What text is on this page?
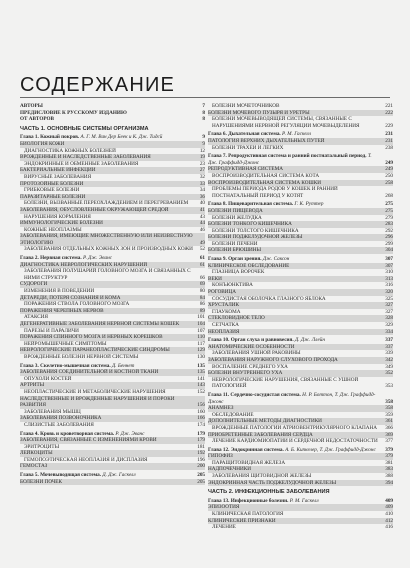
СОДЕРЖАНИЕ
АВТОРЫ	7
ПРЕДИСЛОВИЕ К РУССКОМУ ИЗДАНИЮ	8
ОТ АВТОРОВ	8
ЧАСТЬ 1. ОСНОВНЫЕ СИСТЕМЫ ОРГАНИЗМА
Глава 1. Кожный покров. А. Г. М. Ван Дер Беек и К. Дж. Тидсй	9
БИОЛОГИЯ КОЖИ	9
ДИАГНОСТИКА КОЖНЫХ БОЛЕЗНЕЙ	12
ВРОЖДЕННЫЕ И НАСЛЕДСТВЕННЫЕ ЗАБОЛЕВАНИЯ	19
ЭНДОКРИННЫЕ И ОБМЕННЫЕ ЗАБОЛЕВАНИЯ	23
БАКТЕРИАЛЬНЫЕ ИНФЕКЦИИ	27
ВИРУСНЫЕ ЗАБОЛЕВАНИЯ	32
ПРОТОЗОЙНЫЕ БОЛЕЗНИ	33
ГРИБКОВЫЕ БОЛЕЗНИ	34
ПАРАЗИТАРНЫЕ БОЛЕЗНИ	36
БОЛЕЗНИ, ВЫЗВАННЫЕ ПЕРЕОХЛАЖДЕНИЕМ И ПЕРЕГРЕВАНИЕМ	40
ЗАБОЛЕВАНИЯ, ОБУСЛОВЛЕННЫЕ ОКРУЖАЮЩЕЙ СРЕДОЙ	41
НАРУШЕНИЯ КОРМЛЕНИЯ	43
ИММУНОЛОГИЧЕСКИЕ БОЛЕЗНИ	44
КОЖНЫЕ НЕОПЛАЗМЫ	46
ЗАБОЛЕВАНИЯ, ИМЕЮЩИЕ МНОЖЕСТВЕННУЮ ИЛИ НЕИЗВЕСТНУЮ ЭТИОЛОГИЮ	49
ЗАБОЛЕВАНИЯ ОТДЕЛЬНЫХ КОЖНЫХ ЗОН И ПРОИЗВОДНЫХ КОЖИ	52
Глава 2. Нервная система. Р. Дж. Эванс	61
ДИАГНОСТИКА НЕВРОЛОГИЧЕСКИХ НАРУШЕНИЙ	61
ЗАБОЛЕВАНИЯ ПОЛУШАРИЙ ГОЛОВНОГО МОЗГА И СВЯЗАННЫХ С НИМИ СТРУКТУР	66
СУДОРОГИ	69
ИЗМЕНЕНИЯ В ПОВЕДЕНИИ	80
ДЕТАРЕДИ, ПОТЕРЯ СОЗНАНИЯ И КОМА	84
ПОРАЖЕНИЯ СТВОЛА ГОЛОВНОГО МОЗГА	86
ПОРАЖЕНИЯ ЧЕРЕПНЫХ НЕРВОВ	89
АТАКСИЯ	101
ДЕГЕНЕРАТИВНЫЕ ЗАБОЛЕВАНИЯ НЕРВНОЙ СИСТЕМЫ КОШЕК	104
ПАРЕЗЫ И ПАРАЛИЧИ	107
ПОРАЖЕНИЯ СПИННОГО МОЗГА И НЕРВНЫХ КОРЕШКОВ	110
НЕЙРОМЫШЕЧНЫЕ СИМПТОМЫ	117
НЕВРОЛОГИЧЕСКИЕ ПАРАНЕОПЛАСТИЧЕСКИЕ СИНДРОМЫ	129
ВРОЖДЕННЫЕ БОЛЕЗНИ НЕРВНОЙ СИСТЕМЫ	130
Глава 3. Скелетно-мышечная система. Д. Беннет	135
ЗАБОЛЕВАНИЯ СОЕДИНИТЕЛЬНОЙ И КОСТНОЙ ТКАНИ	135
ОПУХОЛИ КОСТЕЙ	141
АРТРИТЫ	143
НЕОПЛАСТИЧЕСКИЕ И МЕТАБОЛИЧЕСКИЕ НАРУШЕНИЯ	152
НАСЛЕДСТВЕННЫЕ И ВРОЖДЕННЫЕ НАРУШЕНИЯ И ПОРОКИ РАЗВИТИЯ	156
ЗАБОЛЕВАНИЯ МЫШЦ	160
ЗАБОЛЕВАНИЯ ПОЗВОНОЧНИКА	166
СЛИЗИСТЫЕ ЗАБОЛЕВАНИЯ	174
Глава 4. Кровь и кроветворная система. Р. Дж. Эванс	179
ЗАБОЛЕВАНИЯ, СВЯЗАННЫЕ С ИЗМЕНЕНИЯМИ КРОВИ	179
ЭРИТРОЦИТЫ	181
ЛЕЙКОЦИТЫ	192
ГЕМОПОЭТИЧЕСКАЯ НЕОПЛАЗИЯ И ДИСПЛАЗИЯ	196
ГЕМОСТАЗ	200
Глава 5. Мочевыводящая система. Д. Дж. Гаскелл	205
БОЛЕЗНИ ПОЧЕК	205
БОЛЕЗНИ МОЧЕТОЧНИКОВ	221
БОЛЕЗНИ МОЧЕВОГО ПУЗЫРЯ И УРЕТРЫ	222
БОЛЕЗНИ МОЧЕВЫВОДЯЩЕЙ СИСТЕМЫ, СВЯЗАННЫЕ С НАРУШЕНИЯМИ НЕРВНОЙ РЕГУЛЯЦИИ МОЧЕВЫДЕЛЕНИЯ	229
Глава 6. Дыхательная система. Р. М. Гаскелл	231
ПАТОЛОГИЯ ВЕРХНИХ ДЫХАТЕЛЬНЫХ ПУТЕЙ	231
БОЛЕЗНИ ТРАХЕИ И ЛЕГКИХ	238
Глава 7. Репродуктивная система и ранний постнатальный период. Т. Дж. Граффидд-Джонс	249
РЕПРОДУКТИВНАЯ СИСТЕМА	249
ВОСПРОИЗВОДИТЕЛЬНАЯ СИСТЕМА КОТА	250
ВОСПРОИЗВОДИТЕЛЬНАЯ СИСТЕМА КОШКИ	258
ПРОБЛЕМЫ ПЕРИОДА РОДОВ У КОШЕК И РАННИЙ ПОСТНАТАЛЬНЫЙ ПЕРИОД У КОТЯТ	268
Глава 8. Пищеварительная система. Г. К. Руттер	275
БОЛЕЗНИ ПИЩЕВОДА	275
БОЛЕЗНИ ЖЕЛУДКА	279
БОЛЕЗНИ ТОНКОГО КИШЕЧНИКА	283
БОЛЕЗНИ ТОЛСТОГО КИШЕЧНИКА	292
БОЛЕЗНИ ПОДЖЕЛУДОЧНОЙ ЖЕЛЕЗЫ	296
БОЛЕЗНИ ПЕЧЕНИ	299
БОЛЕЗНИ БРЮШИНЫ	304
Глава 9. Орган зрения. Дж. Саксон	307
КЛИНИЧЕСКОЕ ОБСЛЕДОВАНИЕ	307
ГЛАЗНИЦА ВОРОЧЕК	310
ВЕКИ	313
КОНЪЮНКТИВА	316
РОГОВИЦА	320
СОСУДИСТАЯ ОБОЛОЧКА ГЛАЗНОГО ЯБЛОКА	325
ХРУСТАЛИК	327
ГЛАУКОМА	327
СТЕКЛОВИДНОЕ ТЕЛО	328
СЕТЧАТКА	329
НЕОПЛАЗИЯ	334
Глава 10. Орган слуха и равновесия. Д. Дж. Ллейн	337
АНАТОМИЧЕСКИЕ ОСОБЕННОСТИ	337
ЗАБОЛЕВАНИЯ УШНОЙ РАКОВИНЫ	339
ЗАБОЛЕВАНИЯ НАРУЖНОГО СЛУХОВОГО ПРОХОДА	342
ВОСПАЛЕНИЕ СРЕДНЕГО УХА	349
БОЛЕЗНИ ВНУТРЕННЕГО УХА	352
НЕВРОЛОГИЧЕСКИЕ НАРУШЕНИЯ, СВЯЗАННЫЕ С УШНОЙ ПАТОЛОГИЕЙ	353
Глава 11. Сердечно-сосудистая система. Н. Р. Боттон, Т. Дж. Граффидд-Джонс	358
АНАМНЕЗ	358
ОБСЛЕДОВАНИЕ	359
ДОПОЛНИТЕЛЬНЫЕ МЕТОДЫ ДИАГНОСТИКИ	361
ВРОЖДЕННЫЕ ПАТОЛОГИИ АТРИОВЕНТРИКУЛЯРНОГО КЛАПАНА	366
ПРИОБРЕТЕННЫЕ ЗАБОЛЕВАНИЯ СЕРДЦА	369
ЛЕЧЕНИЕ КАРДИОМИОПАТИИ И СЕРДЕЧНОЙ НЕДОСТАТОЧНОСТИ	377
Глава 12. Эндокринная система. А. Б. Кипкелер, Т. Дж. Граффидд-Джонс	379
ГИПОФИЗ	379
ПАРАЩИТОВИДНАЯ ЖЕЛЕЗА	381
НАДПОЧЕЧНИКИ	383
ЗАБОЛЕВАНИЯ ЩИТОВИДНОЙ ЖЕЛЕЗЫ	388
ЭНДОКРИННАЯ ЧАСТЬ ПОДЖЕЛУДОЧНОЙ ЖЕЛЕЗЫ	394
ЧАСТЬ 2. ИНФЕКЦИОННЫЕ ЗАБОЛЕВАНИЯ
Глава 13. Инфекционные болезни. Р. М. Гаскелл	409
ЭПИЗООТИЯ	409
КЛИНИЧЕСКАЯ ПАТОЛОГИЯ	410
КЛИНИЧЕСКИЕ ПРИЗНАКИ	412
ЛЕЧЕНИЕ	416
